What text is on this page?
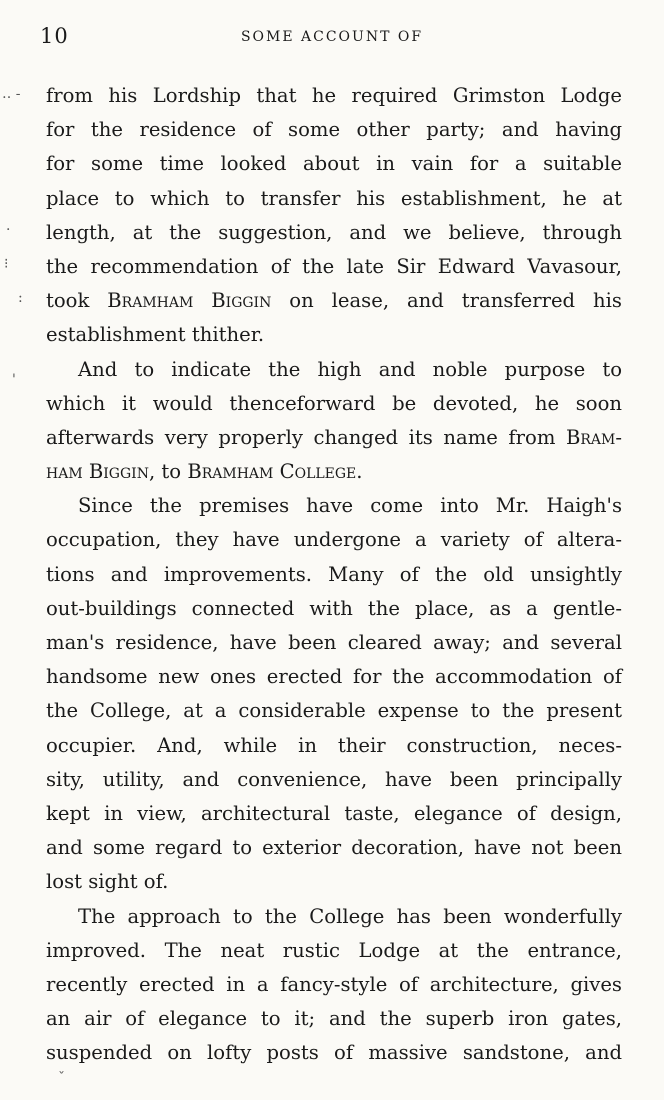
10	SOME ACCOUNT OF
from his Lordship that he required Grimston Lodge
for the residence of some other party; and having
for some time looked about in vain for a suitable
place to which to transfer his establishment, he at
length, at the suggestion, and we believe, through
the recommendation of the late Sir Edward Vavasour,
took Bramham Biggin on lease, and transferred his
establishment thither.
And to indicate the high and noble purpose to
which it would thenceforward be devoted, he soon
afterwards very properly changed its name from Bram-
ham Biggin, to Bramham College.
Since the premises have come into Mr. Haigh's
occupation, they have undergone a variety of altera-
tions and improvements. Many of the old unsightly
out-buildings connected with the place, as a gentle-
man's residence, have been cleared away; and several
handsome new ones erected for the accommodation of
the College, at a considerable expense to the present
occupier. And, while in their construction, neces-
sity, utility, and convenience, have been principally
kept in view, architectural taste, elegance of design,
and some regard to exterior decoration, have not been
lost sight of.
The approach to the College has been wonderfully
improved. The neat rustic Lodge at the entrance,
recently erected in a fancy-style of architecture, gives
an air of elegance to it; and the superb iron gates,
suspended on lofty posts of massive sandstone, and
‥ -
·
⁝
:
'
ˇ
